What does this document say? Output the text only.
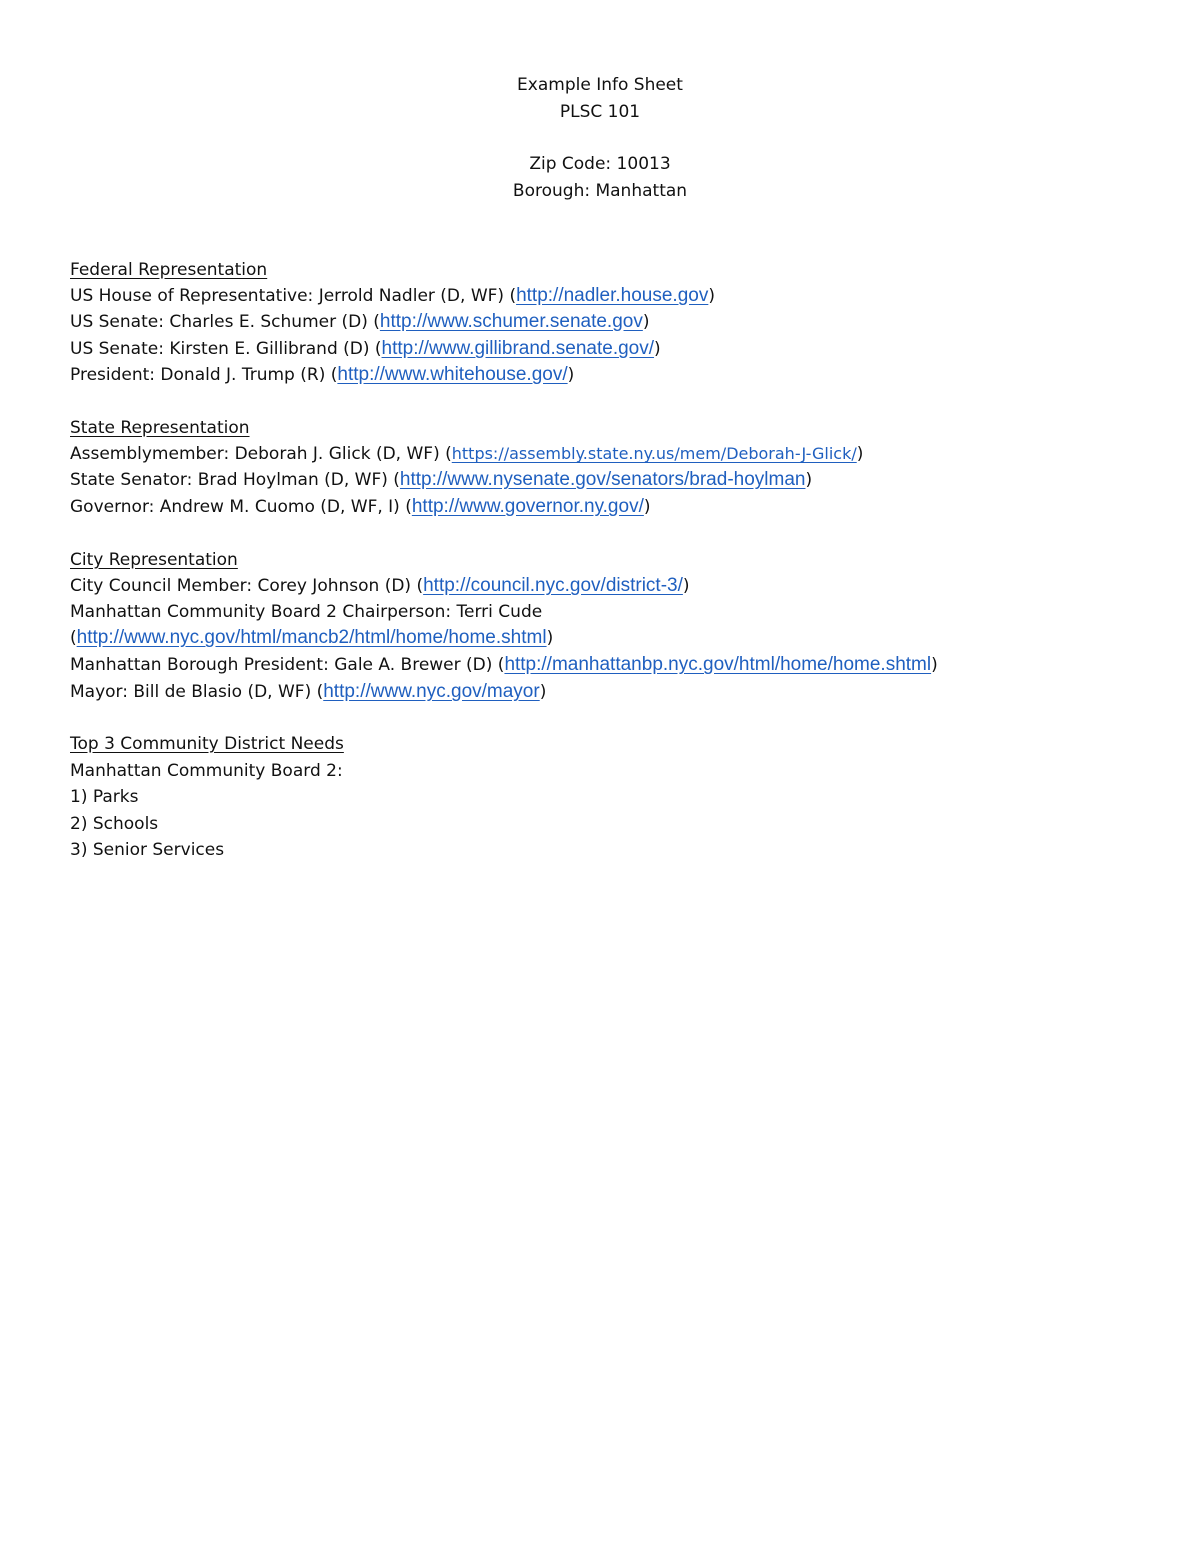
Example Info Sheet
PLSC 101
Zip Code: 10013
Borough: Manhattan
Federal Representation
US House of Representative: Jerrold Nadler (D, WF) (http://nadler.house.gov)
US Senate: Charles E. Schumer (D) (http://www.schumer.senate.gov)
US Senate: Kirsten E. Gillibrand (D) (http://www.gillibrand.senate.gov/)
President: Donald J. Trump (R) (http://www.whitehouse.gov/)
State Representation
Assemblymember: Deborah J. Glick (D, WF) (https://assembly.state.ny.us/mem/Deborah-J-Glick/)
State Senator: Brad Hoylman (D, WF) (http://www.nysenate.gov/senators/brad-hoylman)
Governor: Andrew M. Cuomo (D, WF, I) (http://www.governor.ny.gov/)
City Representation
City Council Member: Corey Johnson (D) (http://council.nyc.gov/district-3/)
Manhattan Community Board 2 Chairperson: Terri Cude
(http://www.nyc.gov/html/mancb2/html/home/home.shtml)
Manhattan Borough President: Gale A. Brewer (D) (http://manhattanbp.nyc.gov/html/home/home.shtml)
Mayor: Bill de Blasio (D, WF) (http://www.nyc.gov/mayor)
Top 3 Community District Needs
Manhattan Community Board 2:
1) Parks
2) Schools
3) Senior Services
